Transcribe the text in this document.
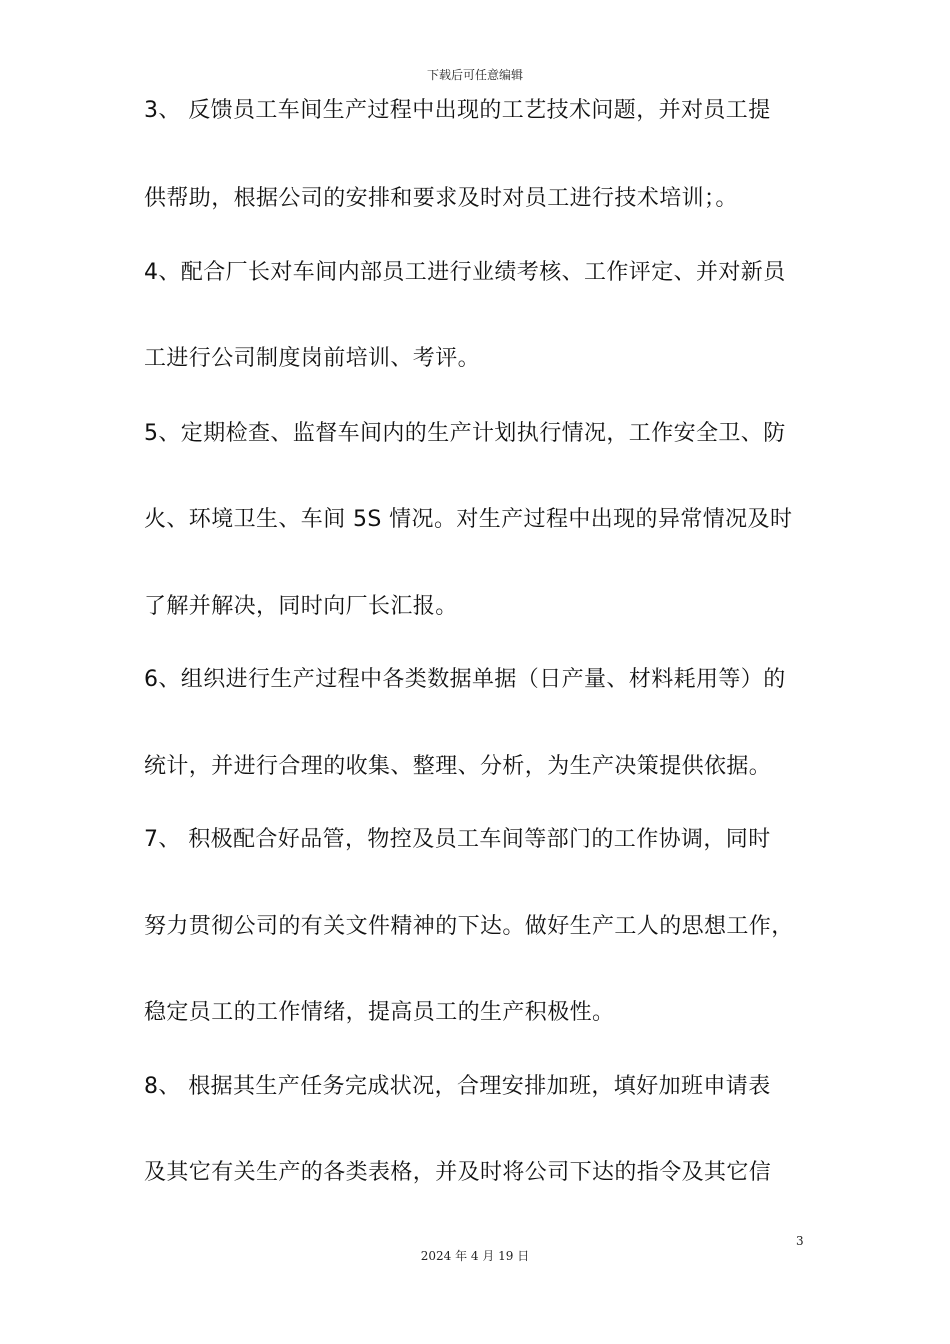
下载后可任意编辑
3、 反馈员工车间生产过程中出现的工艺技术问题，并对员工提
供帮助，根据公司的安排和要求及时对员工进行技术培训；。
4、配合厂长对车间内部员工进行业绩考核、工作评定、并对新员
工进行公司制度岗前培训、考评。
5、定期检查、监督车间内的生产计划执行情况，工作安全卫、防
火、环境卫生、车间 5S 情况。对生产过程中出现的异常情况及时
了解并解决，同时向厂长汇报。
6、组织进行生产过程中各类数据单据（日产量、材料耗用等）的
统计，并进行合理的收集、整理、分析，为生产决策提供依据。
7、 积极配合好品管，物控及员工车间等部门的工作协调，同时
努力贯彻公司的有关文件精神的下达。做好生产工人的思想工作，
稳定员工的工作情绪，提高员工的生产积极性。
8、 根据其生产任务完成状况，合理安排加班，填好加班申请表
及其它有关生产的各类表格，并及时将公司下达的指令及其它信
3
2024 年 4 月 19 日
